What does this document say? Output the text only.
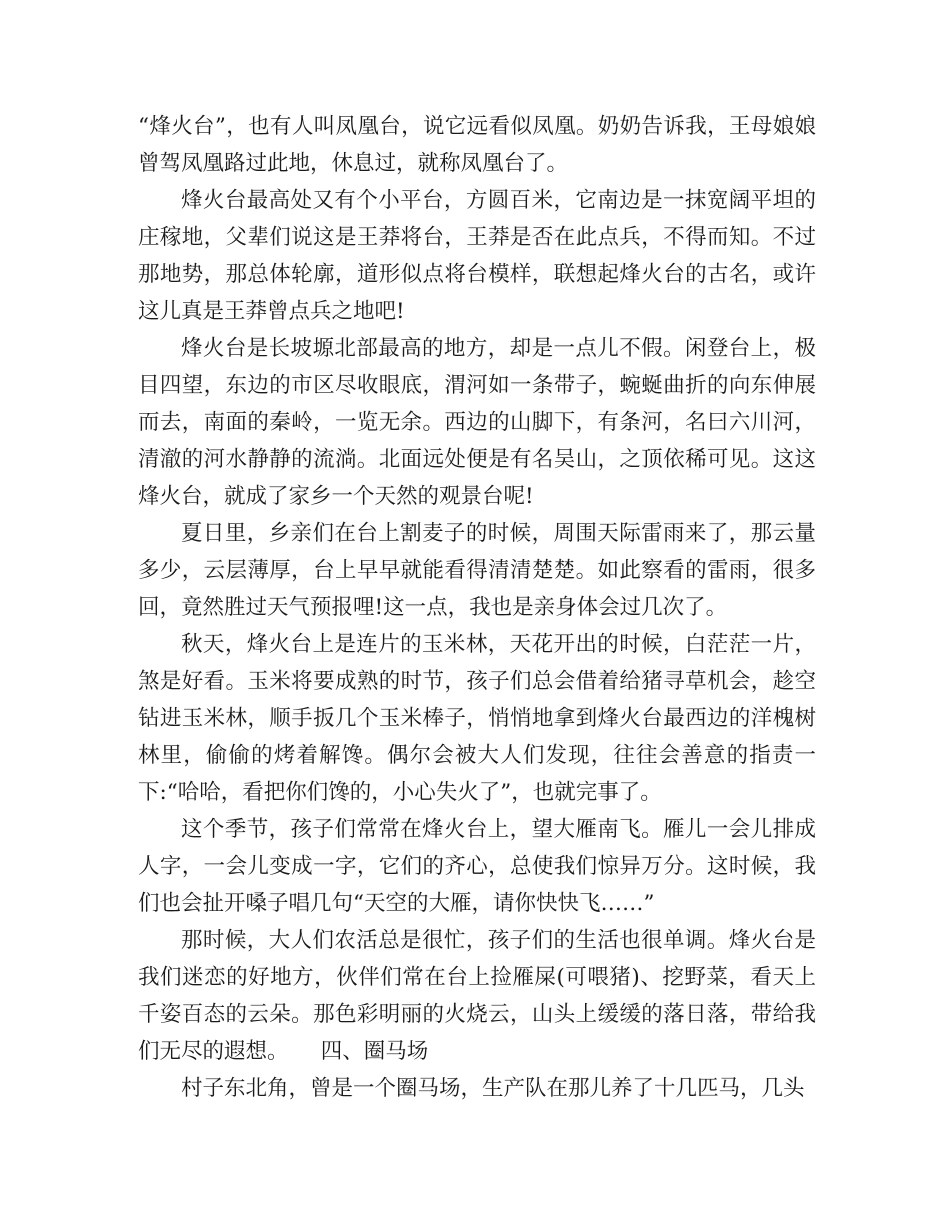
“烽火台”，也有人叫凤凰台，说它远看似凤凰。奶奶告诉我，王母娘娘曾驾凤凰路过此地，休息过，就称凤凰台了。

烽火台最高处又有个小平台，方圆百米，它南边是一抹宽阔平坦的庄稼地，父辈们说这是王莽将台，王莽是否在此点兵，不得而知。不过那地势，那总体轮廓，道形似点将台模样，联想起烽火台的古名，或许这儿真是王莽曾点兵之地吧!

烽火台是长坡塬北部最高的地方，却是一点儿不假。闲登台上，极目四望，东边的市区尽收眼底，渭河如一条带子，蜿蜒曲折的向东伸展而去，南面的秦岭，一览无余。西边的山脚下，有条河，名曰六川河，清澈的河水静静的流淌。北面远处便是有名吴山，之顶依稀可见。这这烽火台，就成了家乡一个天然的观景台呢!

夏日里，乡亲们在台上割麦子的时候，周围天际雷雨来了，那云量多少，云层薄厚，台上早早就能看得清清楚楚。如此察看的雷雨，很多回，竟然胜过天气预报哩!这一点，我也是亲身体会过几次了。

秋天，烽火台上是连片的玉米林，天花开出的时候，白茫茫一片，煞是好看。玉米将要成熟的时节，孩子们总会借着给猪寻草机会，趁空钻进玉米林，顺手扳几个玉米棒子，悄悄地拿到烽火台最西边的洋槐树林里，偷偷的烤着解馋。偶尔会被大人们发现，往往会善意的指责一下:“哈哈，看把你们馋的，小心失火了”，也就完事了。

这个季节，孩子们常常在烽火台上，望大雁南飞。雁儿一会儿排成人字，一会儿变成一字，它们的齐心，总使我们惊异万分。这时候，我们也会扯开嗓子唱几句“天空的大雁，请你快快飞……”

那时候，大人们农活总是很忙，孩子们的生活也很单调。烽火台是我们迷恋的好地方，伙伴们常在台上捡雁屎(可喂猪)、挖野菜，看天上千姿百态的云朵。那色彩明丽的火烧云，山头上缓缓的落日落，带给我们无尽的遐想。　　四、圈马场

村子东北角，曾是一个圈马场，生产队在那儿养了十几匹马，几头
